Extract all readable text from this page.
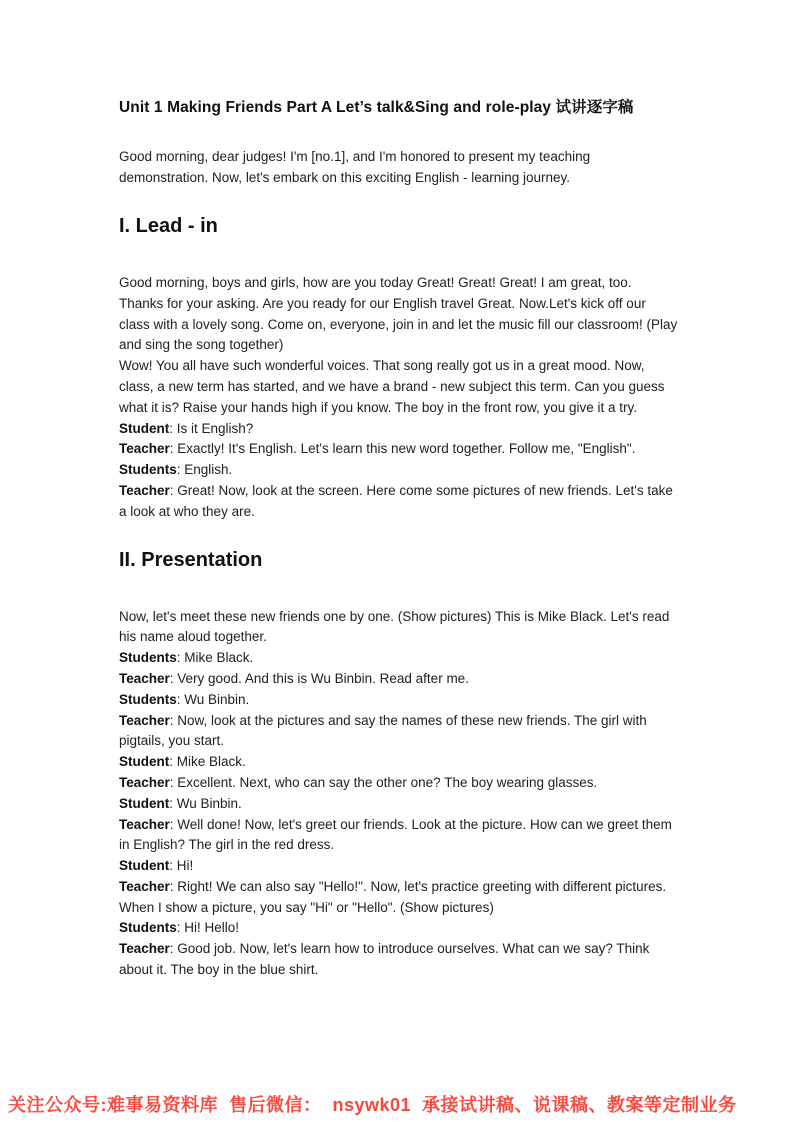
Unit 1 Making Friends Part A Let’s talk&Sing and role-play 试讲逐字稿

Good morning, dear judges! I'm [no.1], and I'm honored to present my teaching demonstration. Now, let's embark on this exciting English - learning journey.

I. Lead - in

Good morning, boys and girls, how are you today Great! Great! Great! I am great, too. Thanks for your asking. Are you ready for our English travel Great. Now.Let's kick off our class with a lovely song. Come on, everyone, join in and let the music fill our classroom! (Play and sing the song together)

Wow! You all have such wonderful voices. That song really got us in a great mood. Now, class, a new term has started, and we have a brand - new subject this term. Can you guess what it is? Raise your hands high if you know. The boy in the front row, you give it a try.

Student: Is it English?

Teacher: Exactly! It's English. Let's learn this new word together. Follow me, "English".

Students: English.

Teacher: Great! Now, look at the screen. Here come some pictures of new friends. Let's take a look at who they are.

II. Presentation

Now, let's meet these new friends one by one. (Show pictures) This is Mike Black. Let's read his name aloud together.

Students: Mike Black.

Teacher: Very good. And this is Wu Binbin. Read after me.

Students: Wu Binbin.

Teacher: Now, look at the pictures and say the names of these new friends. The girl with pigtails, you start.

Student: Mike Black.

Teacher: Excellent. Next, who can say the other one? The boy wearing glasses.

Student: Wu Binbin.

Teacher: Well done! Now, let's greet our friends. Look at the picture. How can we greet them in English? The girl in the red dress.

Student: Hi!

Teacher: Right! We can also say "Hello!". Now, let's practice greeting with different pictures. When I show a picture, you say "Hi" or "Hello". (Show pictures)

Students: Hi! Hello!

Teacher: Good job. Now, let's learn how to introduce ourselves. What can we say? Think about it. The boy in the blue shirt.

关注公众号:难事易资料库  售后微信：  nsywk01  承接试讲稿、说课稿、教案等定制业务
